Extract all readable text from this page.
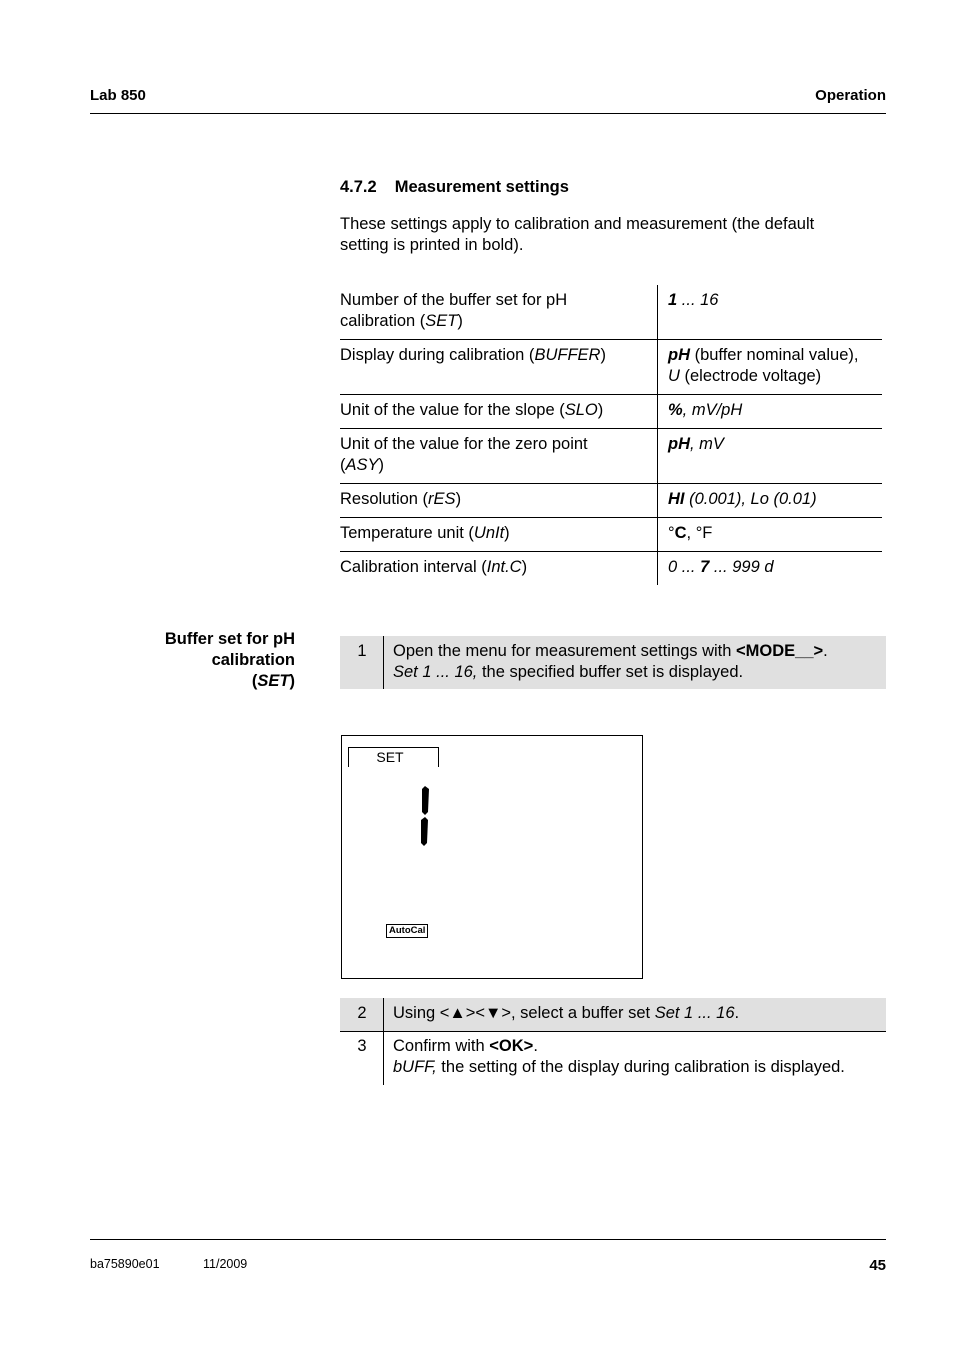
Lab 850	Operation
4.7.2 Measurement settings
These settings apply to calibration and measurement (the default
setting is printed in bold).
Number of the buffer set for pH
calibration (SET)	1 ... 16
Display during calibration (BUFFER)	pH (buffer nominal value),
U (electrode voltage)
Unit of the value for the slope (SLO)	%, mV/pH
Unit of the value for the zero point
(ASY)	pH, mV
Resolution (rES)	HI (0.001), Lo (0.01)
Temperature unit (UnIt)	°C, °F
Calibration interval (Int.C)	0 ... 7 ... 999 d
Buffer set for pH
calibration
(SET)
1	Open the menu for measurement settings with <MODE__>.
Set 1 ... 16, the specified buffer set is displayed.
SET
AutoCal
2	Using <▲><▼>, select a buffer set Set 1 ... 16.
3	Confirm with <OK>.
bUFF, the setting of the display during calibration is displayed.
ba75890e01	11/2009	45
